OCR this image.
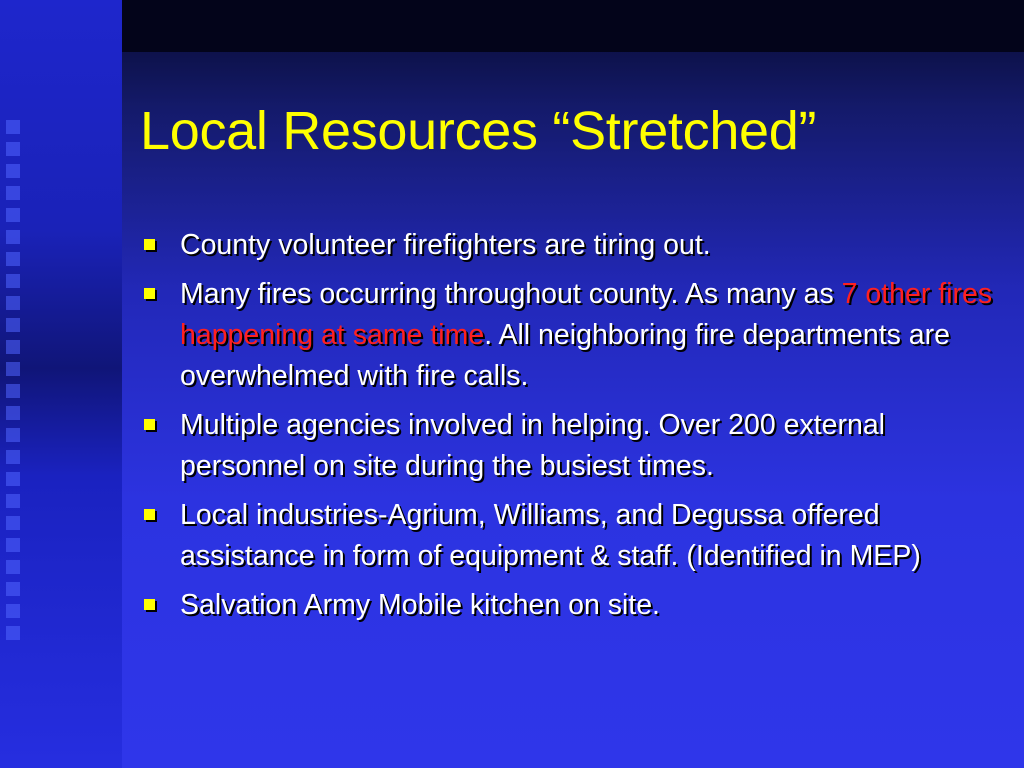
Local Resources “Stretched”
County volunteer firefighters are tiring out.
Many fires occurring throughout county. As many as 7 other fires happening at same time. All neighboring fire departments are overwhelmed with fire calls.
Multiple agencies involved in helping. Over 200 external personnel on site during the busiest times.
Local industries-Agrium, Williams, and Degussa offered assistance in form of equipment & staff. (Identified in MEP)
Salvation Army Mobile kitchen on site.
